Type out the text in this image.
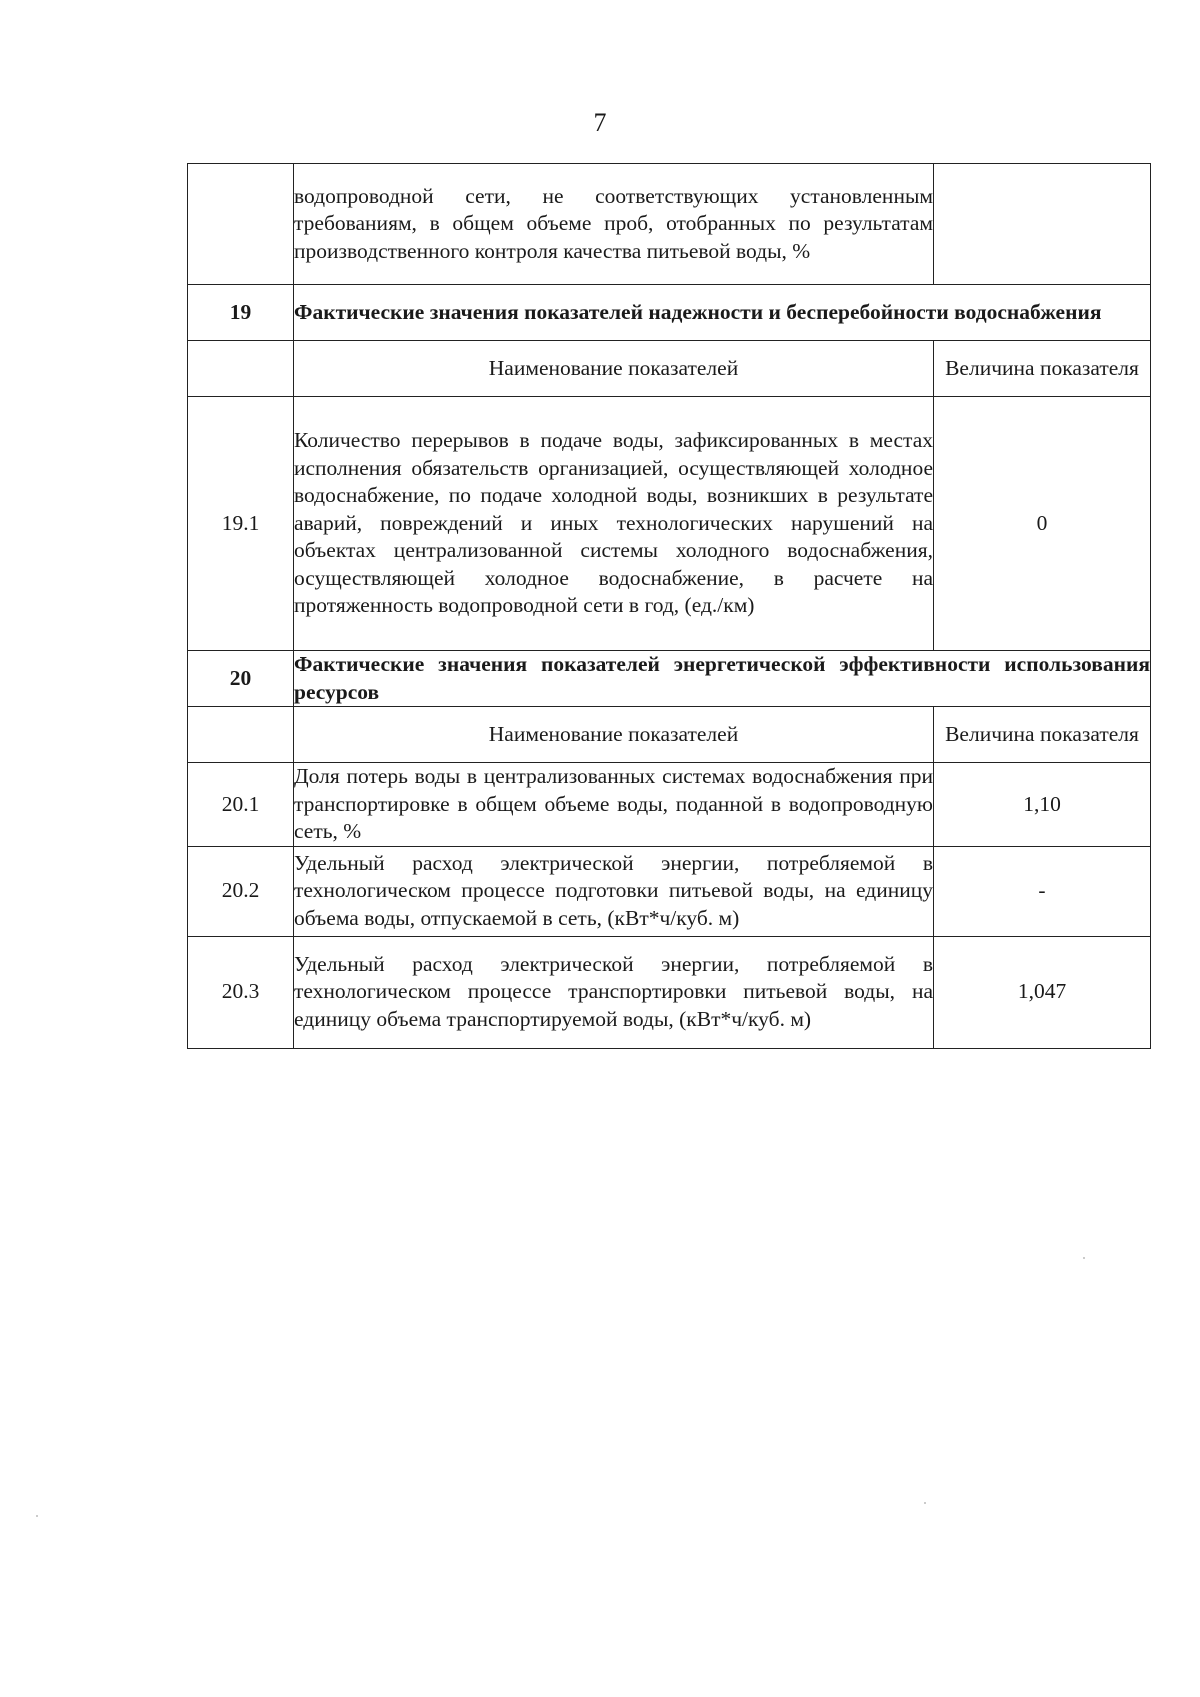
7
	водопроводной сети, не соответствующих установленным требованиям, в общем объеме проб, отобранных по результатам производственного контроля качества питьевой воды, %	
19	Фактические значения показателей надежности и бесперебойности водоснабжения	
	Наименование показателей	Величина показателя
19.1	Количество перерывов в подаче воды, зафиксированных в местах исполнения обязательств организацией, осуществляющей холодное водоснабжение, по подаче холодной воды, возникших в результате аварий, повреждений и иных технологических нарушений на объектах централизованной системы холодного водоснабжения, осуществляющей холодное водоснабжение, в расчете на протяженность водопроводной сети в год, (ед./км)	0
20	Фактические значения показателей энергетической эффективности использования ресурсов	
	Наименование показателей	Величина показателя
20.1	Доля потерь воды в централизованных системах водоснабжения при транспортировке в общем объеме воды, поданной в водопроводную сеть, %	1,10
20.2	Удельный расход электрической энергии, потребляемой в технологическом процессе подготовки питьевой воды, на единицу объема воды, отпускаемой в сеть, (кВт*ч/куб. м)	-
20.3	Удельный расход электрической энергии, потребляемой в технологическом процессе транспортировки питьевой воды, на единицу объема транспортируемой воды, (кВт*ч/куб. м)	1,047
